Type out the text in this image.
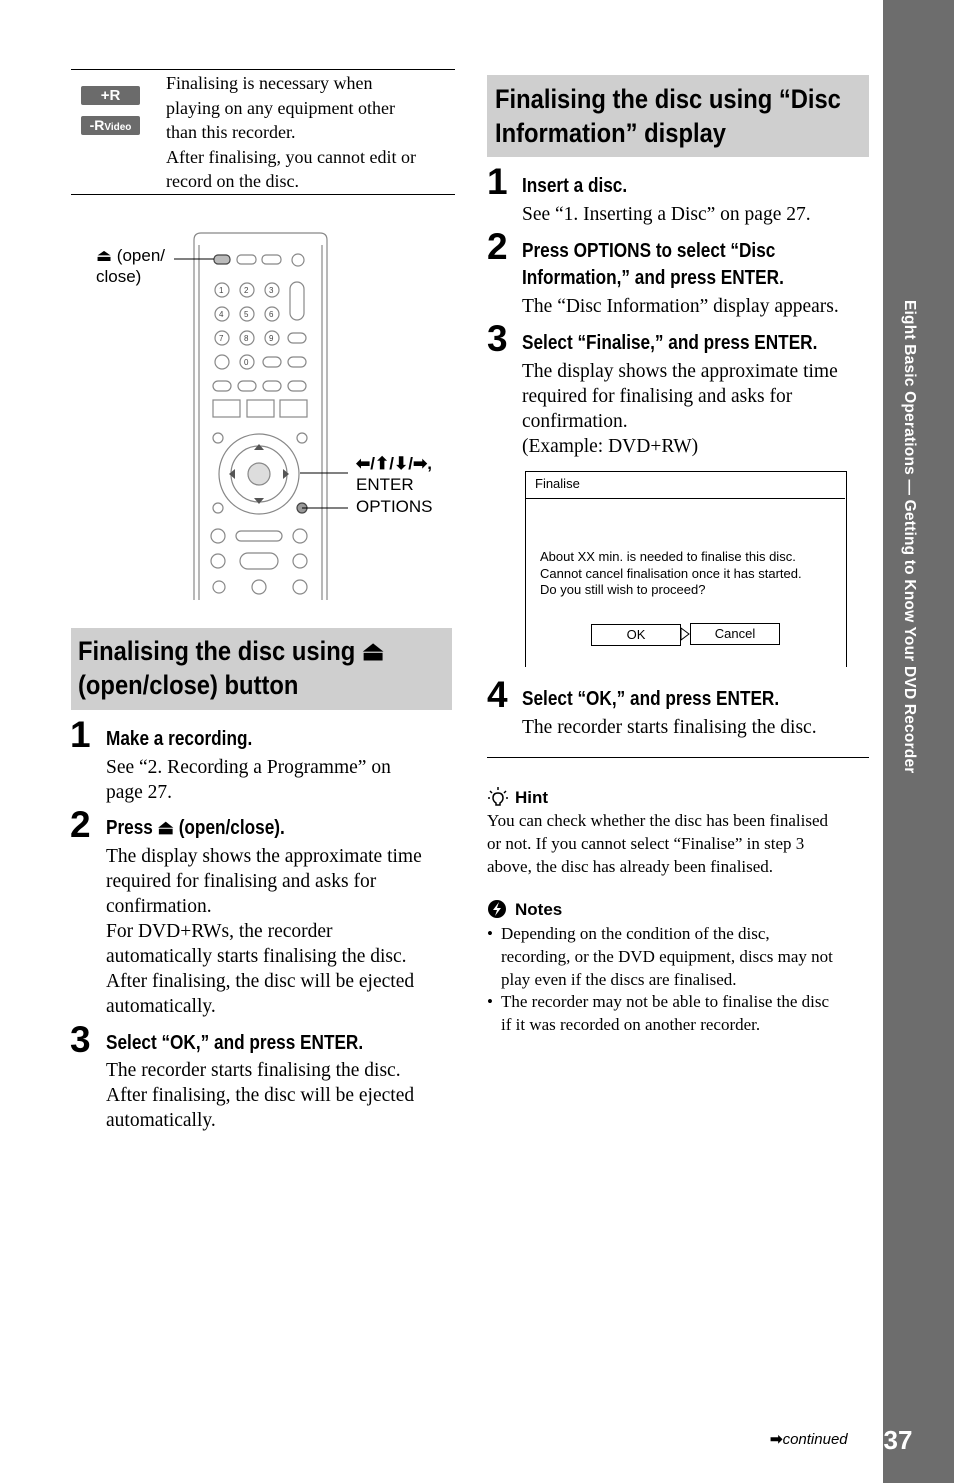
Eight Basic Operations — Getting to Know Your DVD Recorder
37
➡continued
+R
-RVideo
Finalising is necessary when
playing on any equipment other
than this recorder.
After finalising, you cannot edit or
record on the disc.
1	2	3
4	5	6
7	8	9
0
⏏ (open/
close)
⬅/⬆/⬇/➡,
ENTER
OPTIONS
Finalising the disc using ⏏
(open/close) button
1 Make a recording.
See “2. Recording a Programme” on
page 27.
2 Press ⏏ (open/close).
The display shows the approximate time
required for finalising and asks for
confirmation.
For DVD+RWs, the recorder
automatically starts finalising the disc.
After finalising, the disc will be ejected
automatically.
3 Select “OK,” and press ENTER.
The recorder starts finalising the disc.
After finalising, the disc will be ejected
automatically.
Finalising the disc using “Disc
Information” display
1 Insert a disc.
See “1. Inserting a Disc” on page 27.
2 Press OPTIONS to select “Disc
Information,” and press ENTER.
The “Disc Information” display appears.
3 Select “Finalise,” and press ENTER.
The display shows the approximate time
required for finalising and asks for
confirmation.
(Example: DVD+RW)
Finalise
About XX min. is needed to finalise this disc.
Cannot cancel finalisation once it has started.
Do you still wish to proceed?
OK	Cancel
4 Select “OK,” and press ENTER.
The recorder starts finalising the disc.
Hint
You can check whether the disc has been finalised
or not. If you cannot select “Finalise” in step 3
above, the disc has already been finalised.
Notes
• Depending on the condition of the disc,
recording, or the DVD equipment, discs may not
play even if the discs are finalised.
• The recorder may not be able to finalise the disc
if it was recorded on another recorder.
